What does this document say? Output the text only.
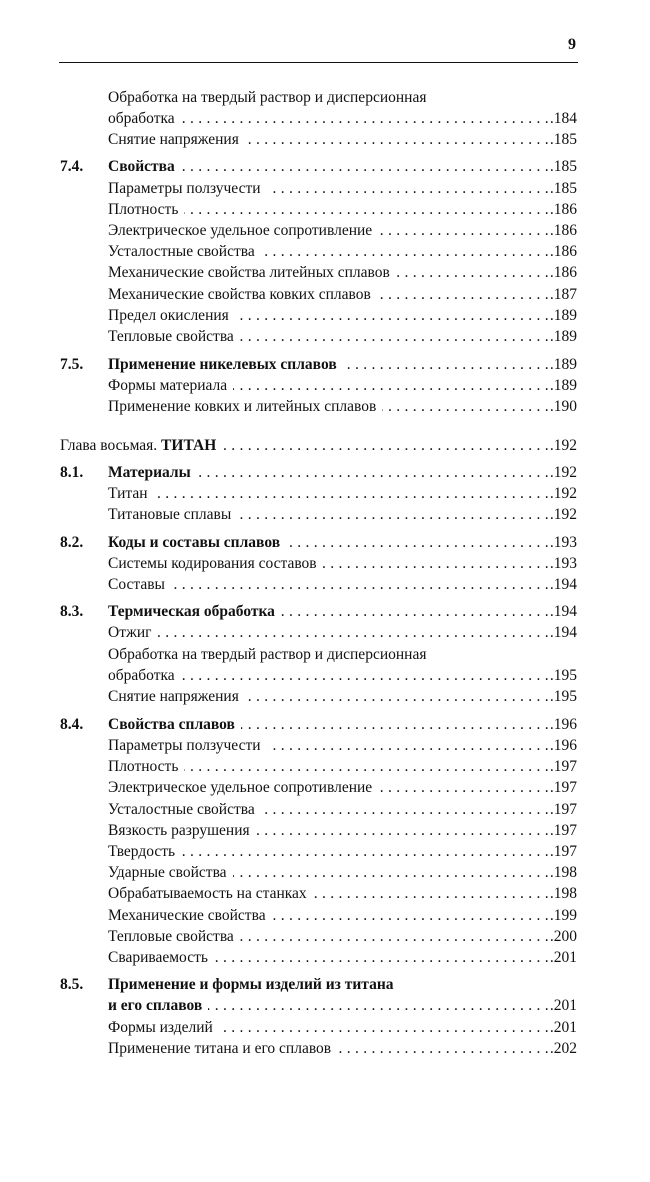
9
Обработка на твердый раствор и дисперсионная
обработка . . .	.184
Снятие напряжения . . .	.185
7.4. Свойства . . .	.185
Параметры ползучести . . .	.185
Плотность . . .	.186
Электрическое удельное сопротивление . . .	.186
Усталостные свойства . . .	.186
Механические свойства литейных сплавов . . .	.186
Механические свойства ковких сплавов . . .	.187
Предел окисления . . .	.189
Тепловые свойства . . .	.189
7.5. Применение никелевых сплавов . . .	.189
Формы материала . . .	.189
Применение ковких и литейных сплавов . . .	.190
Глава восьмая. ТИТАН . . .	.192
8.1. Материалы . . .	.192
Титан . . .	.192
Титановые сплавы . . .	.192
8.2. Коды и составы сплавов . . .	.193
Системы кодирования составов . . .	.193
Составы . . .	.194
8.3. Термическая обработка . . .	.194
Отжиг . . .	.194
Обработка на твердый раствор и дисперсионная
обработка . . .	.195
Снятие напряжения . . .	.195
8.4. Свойства сплавов . . .	.196
Параметры ползучести . . .	.196
Плотность . . .	.197
Электрическое удельное сопротивление . . .	.197
Усталостные свойства . . .	.197
Вязкость разрушения . . .	.197
Твердость . . .	.197
Ударные свойства . . .	.198
Обрабатываемость на станках . . .	.198
Механические свойства . . .	.199
Тепловые свойства . . .	.200
Свариваемость . . .	.201
8.5. Применение и формы изделий из титана
и его сплавов . . .	.201
Формы изделий . . .	.201
Применение титана и его сплавов . . .	.202
